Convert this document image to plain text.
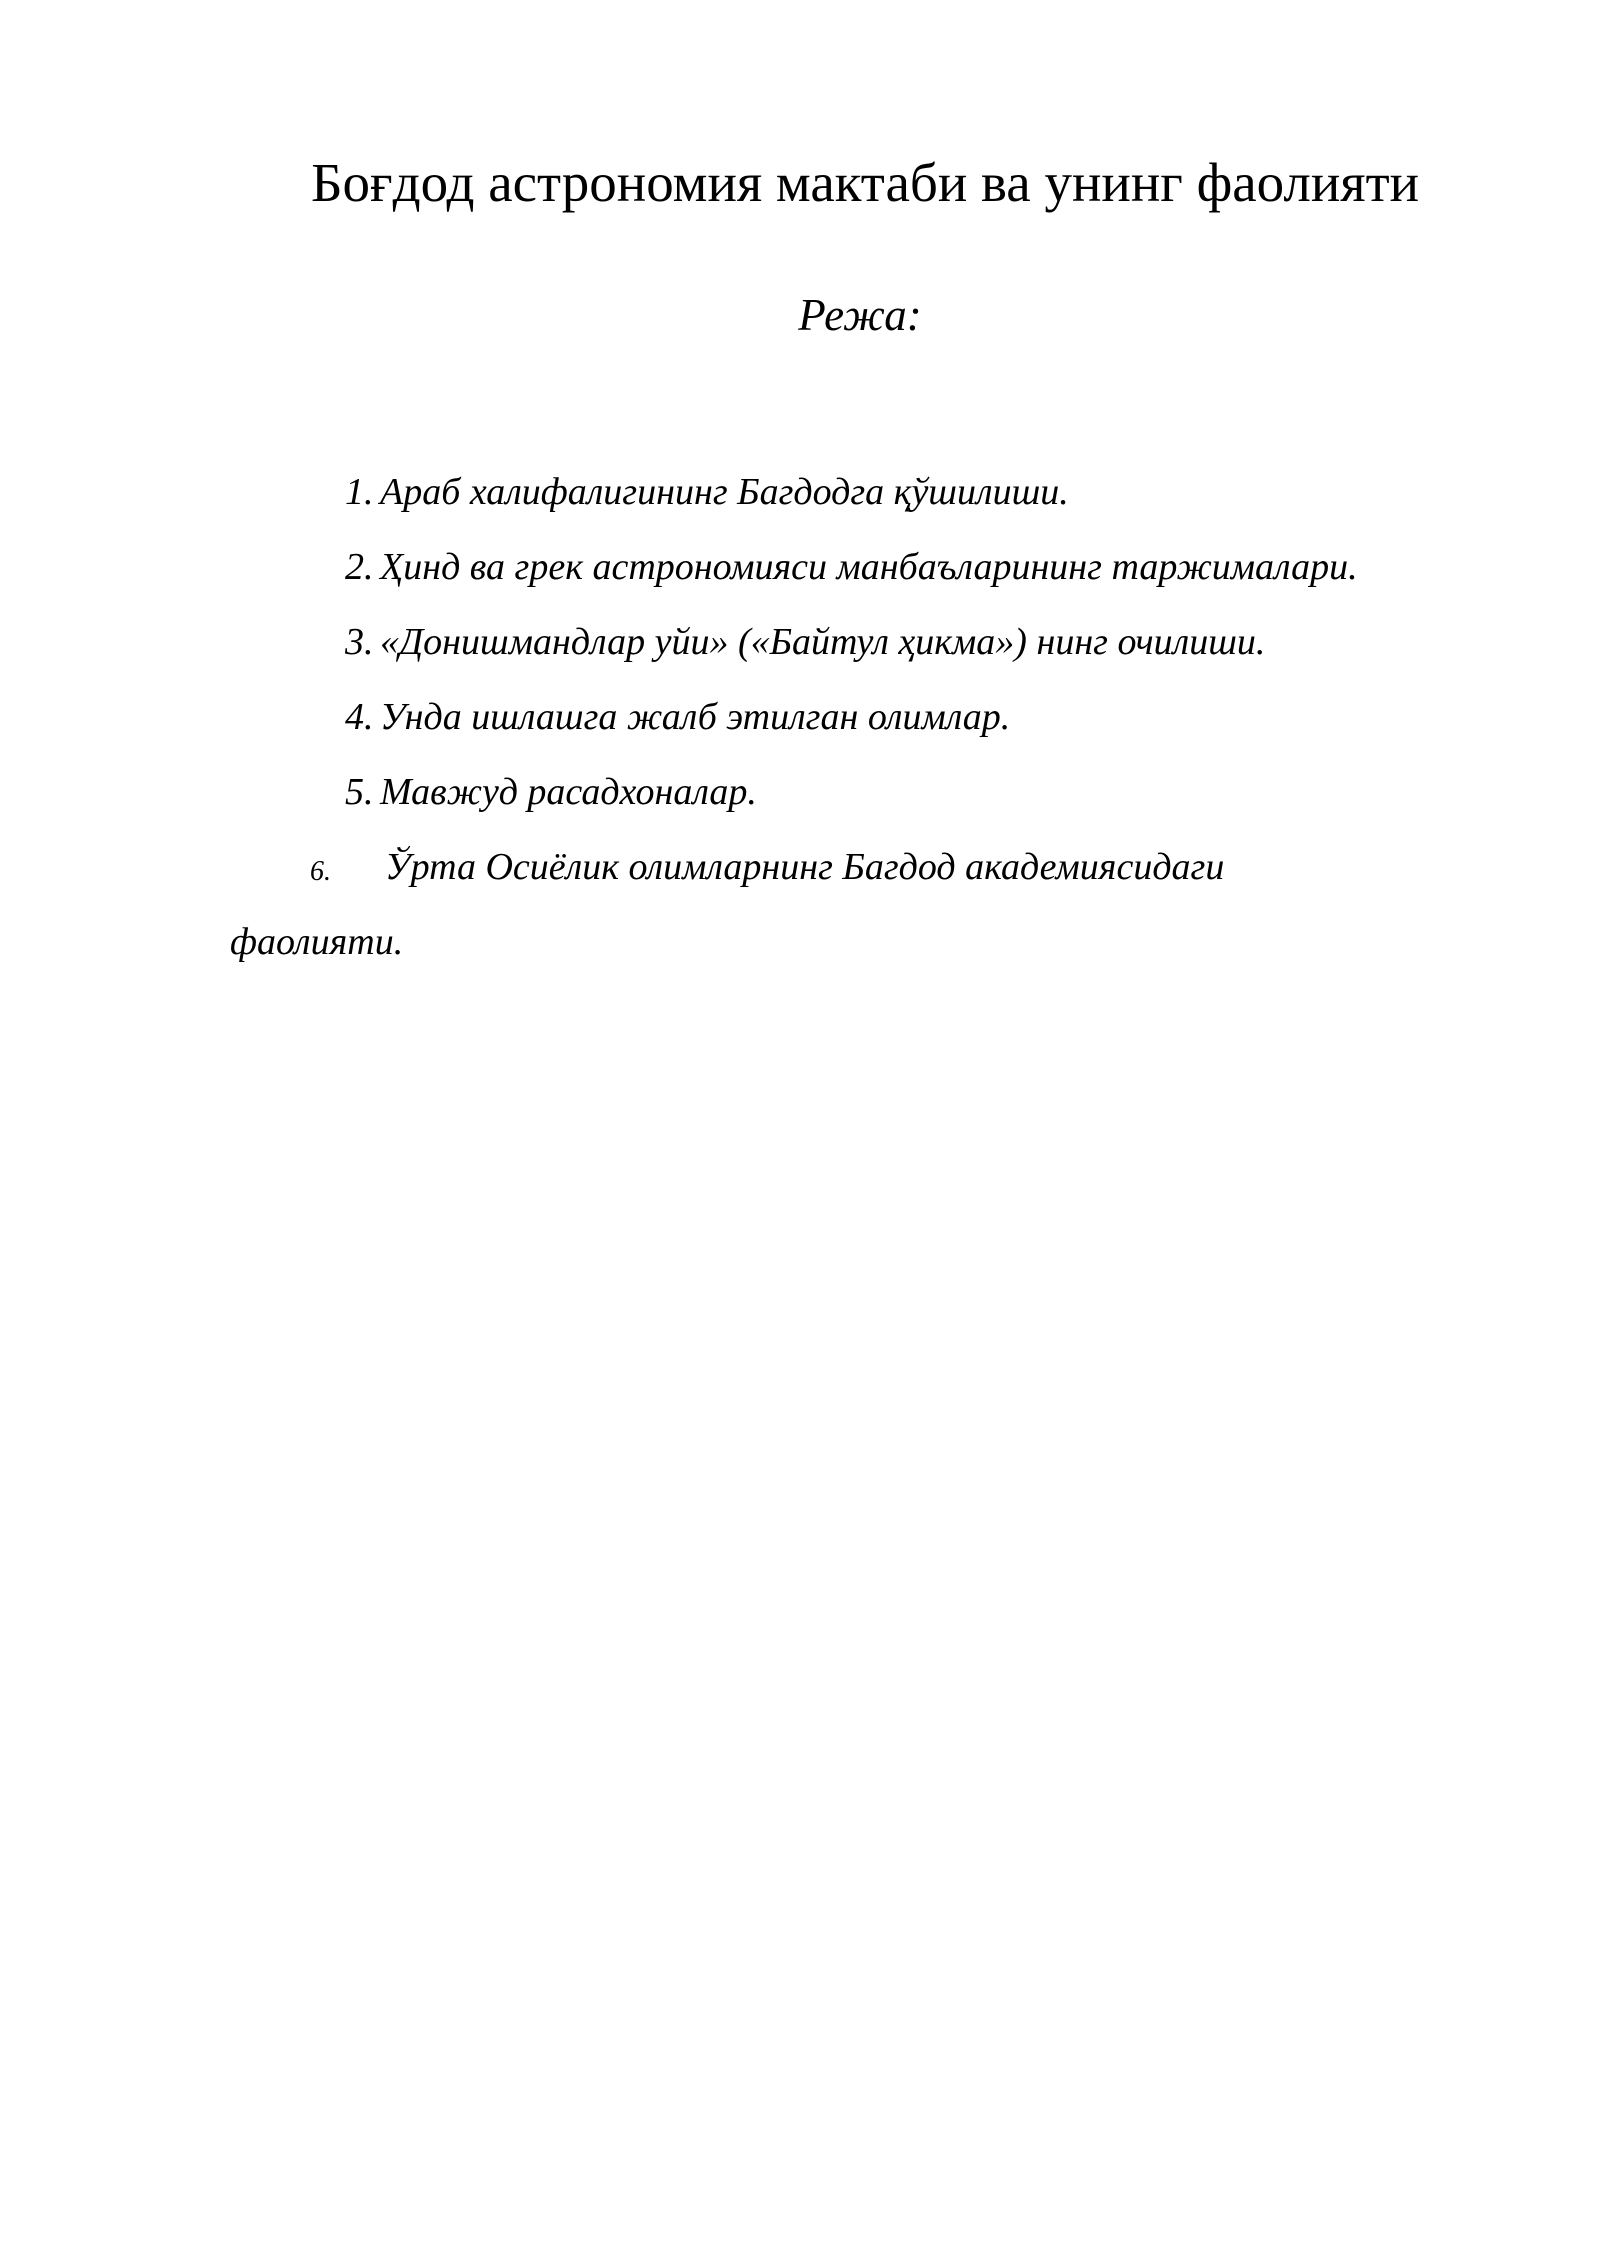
Боғдод астрономия мактаби ва унинг фаолияти
Режа:
1. Араб халифалигининг Багдодга қўшилиши.
2. Ҳинд ва грек астрономияси манбаъларининг таржималари.
3. «Донишмандлар уйи» («Байтул ҳикма») нинг очилиши.
4. Унда ишлашга жалб этилган олимлар.
5. Мавжуд расадхоналар.
6.	Ўрта Осиёлик олимларнинг Багдод академиясидаги фаолияти.
